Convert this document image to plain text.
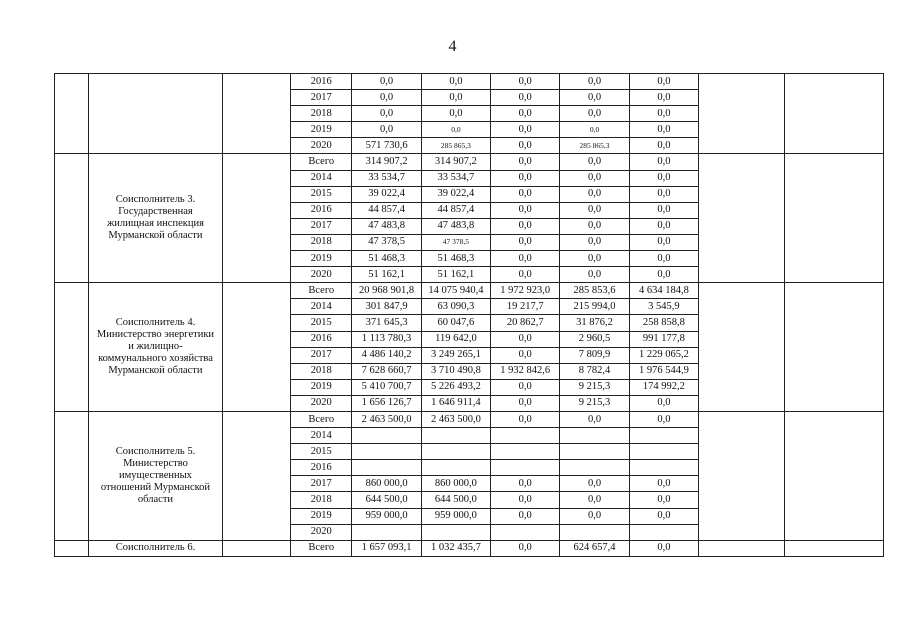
4
			2016	0,0	0,0	0,0	0,0	0,0		
			2017	0,0	0,0	0,0	0,0	0,0		
			2018	0,0	0,0	0,0	0,0	0,0		
			2019	0,0	0,0	0,0	0,0	0,0		
			2020	571 730,6	285 865,3	0,0	285 865,3	0,0		
	Соисполнитель 3. Государственная жилищная инспекция Мурманской области		Всего	314 907,2	314 907,2	0,0	0,0	0,0		
			2014	33 534,7	33 534,7	0,0	0,0	0,0		
			2015	39 022,4	39 022,4	0,0	0,0	0,0		
			2016	44 857,4	44 857,4	0,0	0,0	0,0		
			2017	47 483,8	47 483,8	0,0	0,0	0,0		
			2018	47 378,5	47 378,5	0,0	0,0	0,0		
			2019	51 468,3	51 468,3	0,0	0,0	0,0		
			2020	51 162,1	51 162,1	0,0	0,0	0,0		
	Соисполнитель 4. Министерство энергетики и жилищно-коммунального хозяйства Мурманской области		Всего	20 968 901,8	14 075 940,4	1 972 923,0	285 853,6	4 634 184,8		
			2014	301 847,9	63 090,3	19 217,7	215 994,0	3 545,9		
			2015	371 645,3	60 047,6	20 862,7	31 876,2	258 858,8		
			2016	1 113 780,3	119 642,0	0,0	2 960,5	991 177,8		
			2017	4 486 140,2	3 249 265,1	0,0	7 809,9	1 229 065,2		
			2018	7 628 660,7	3 710 490,8	1 932 842,6	8 782,4	1 976 544,9		
			2019	5 410 700,7	5 226 493,2	0,0	9 215,3	174 992,2		
			2020	1 656 126,7	1 646 911,4	0,0	9 215,3	0,0		
	Соисполнитель 5. Министерство имущественных отношений Мурманской области		Всего	2 463 500,0	2 463 500,0	0,0	0,0	0,0		
			2014							
			2015							
			2016							
			2017	860 000,0	860 000,0	0,0	0,0	0,0		
			2018	644 500,0	644 500,0	0,0	0,0	0,0		
			2019	959 000,0	959 000,0	0,0	0,0	0,0		
			2020							
	Соисполнитель 6.		Всего	1 657 093,1	1 032 435,7	0,0	624 657,4	0,0		
